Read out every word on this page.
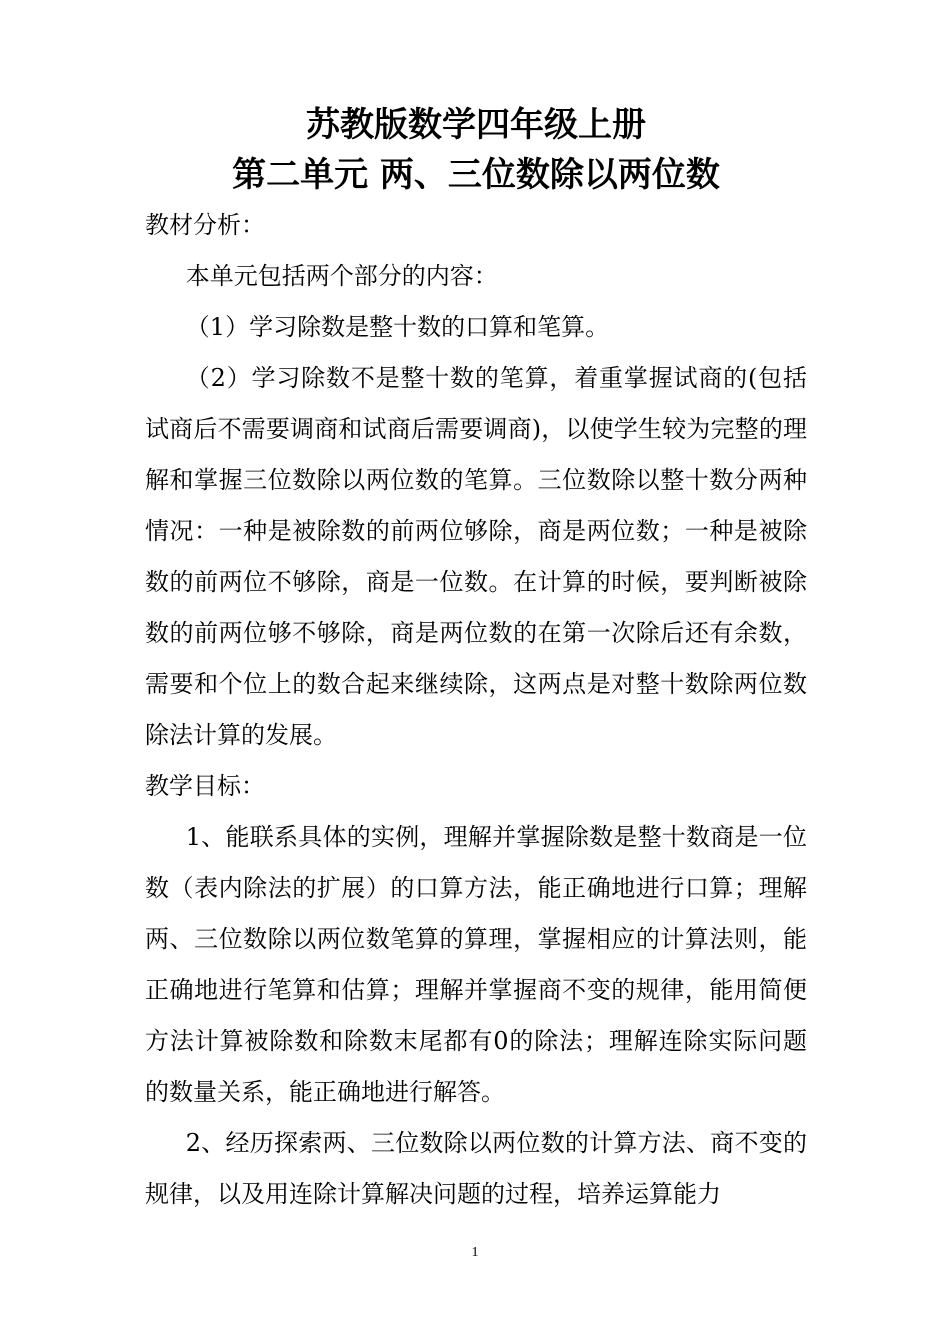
苏教版数学四年级上册
第二单元 两、三位数除以两位数

教材分析：

本单元包括两个部分的内容：

（1）学习除数是整十数的口算和笔算。

（2）学习除数不是整十数的笔算，着重掌握试商的(包括试商后不需要调商和试商后需要调商)，以使学生较为完整的理解和掌握三位数除以两位数的笔算。三位数除以整十数分两种情况：一种是被除数的前两位够除，商是两位数；一种是被除数的前两位不够除，商是一位数。在计算的时候，要判断被除数的前两位够不够除，商是两位数的在第一次除后还有余数，需要和个位上的数合起来继续除，这两点是对整十数除两位数除法计算的发展。

教学目标：

1、能联系具体的实例，理解并掌握除数是整十数商是一位数（表内除法的扩展）的口算方法，能正确地进行口算；理解两、三位数除以两位数笔算的算理，掌握相应的计算法则，能正确地进行笔算和估算；理解并掌握商不变的规律，能用简便方法计算被除数和除数末尾都有0的除法；理解连除实际问题的数量关系，能正确地进行解答。

2、经历探索两、三位数除以两位数的计算方法、商不变的规律，以及用连除计算解决问题的过程，培养运算能力

1
